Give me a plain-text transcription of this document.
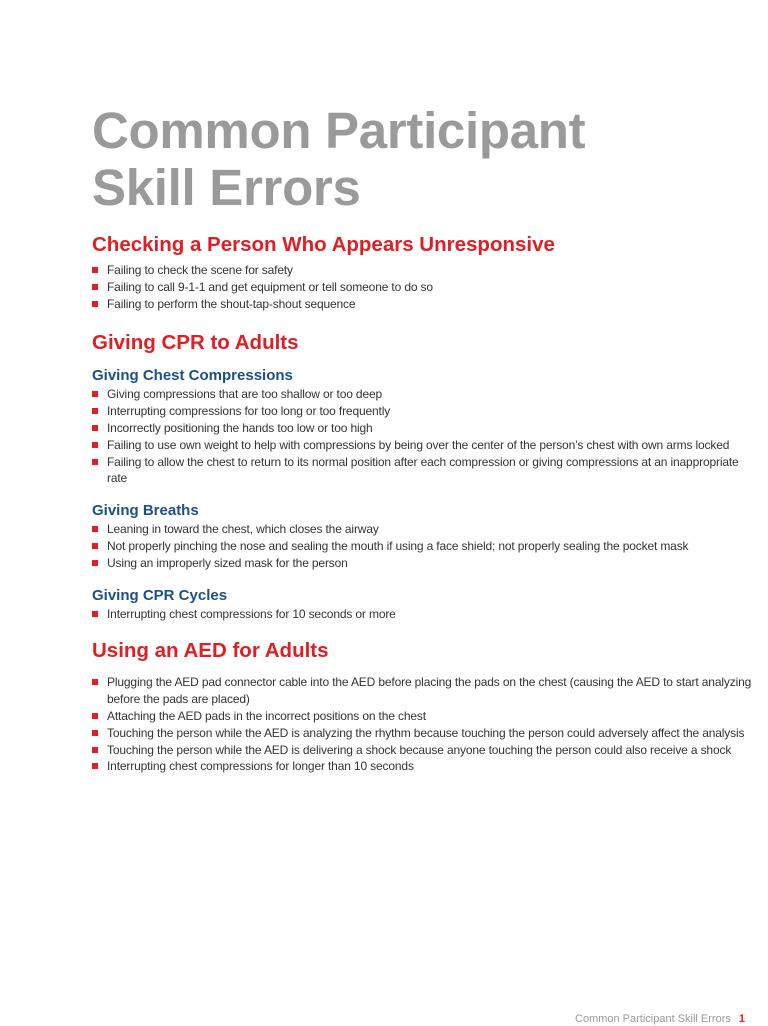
Common Participant
Skill Errors
Checking a Person Who Appears Unresponsive
Failing to check the scene for safety
Failing to call 9-1-1 and get equipment or tell someone to do so
Failing to perform the shout-tap-shout sequence
Giving CPR to Adults
Giving Chest Compressions
Giving compressions that are too shallow or too deep
Interrupting compressions for too long or too frequently
Incorrectly positioning the hands too low or too high
Failing to use own weight to help with compressions by being over the center of the person’s chest with own arms locked
Failing to allow the chest to return to its normal position after each compression or giving compressions at an inappropriate rate
Giving Breaths
Leaning in toward the chest, which closes the airway
Not properly pinching the nose and sealing the mouth if using a face shield; not properly sealing the pocket mask
Using an improperly sized mask for the person
Giving CPR Cycles
Interrupting chest compressions for 10 seconds or more
Using an AED for Adults
Plugging the AED pad connector cable into the AED before placing the pads on the chest (causing the AED to start analyzing before the pads are placed)
Attaching the AED pads in the incorrect positions on the chest
Touching the person while the AED is analyzing the rhythm because touching the person could adversely affect the analysis
Touching the person while the AED is delivering a shock because anyone touching the person could also receive a shock
Interrupting chest compressions for longer than 10 seconds
Common Participant Skill Errors 1
